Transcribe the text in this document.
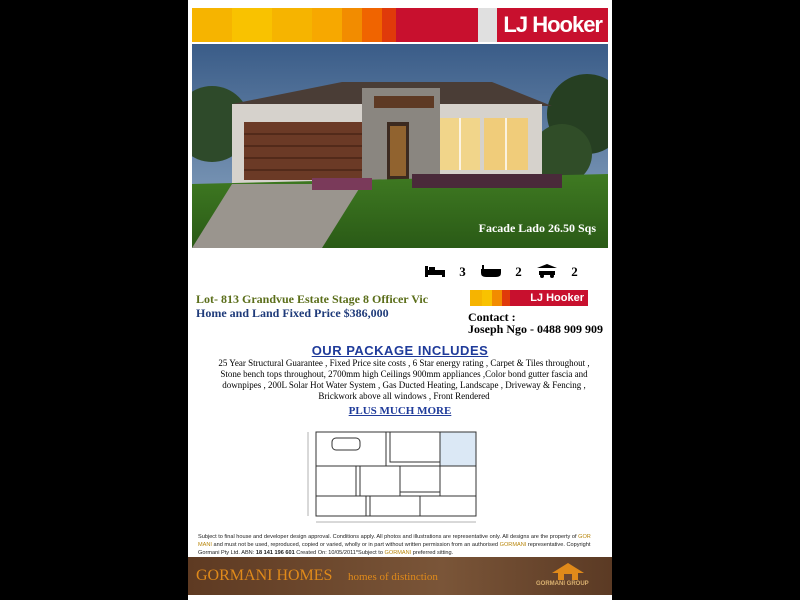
LJ Hooker
Facade Lado 26.50 Sqs
3	2	2
Lot- 813 Grandvue Estate Stage 8 Officer Vic
Home and Land Fixed Price $386,000
LJ Hooker
Contact :
Joseph Ngo - 0488 909 909
OUR PACKAGE INCLUDES
25 Year Structural Guarantee , Fixed Price site costs , 6 Star energy rating , Carpet & Tiles throughout , Stone bench tops throughout, 2700mm high Ceilings 900mm appliances ,Color bond gutter fascia and downpipes , 200L Solar Hot Water System , Gas Ducted Heating, Landscape , Driveway & Fencing , Brickwork above all windows , Front Rendered
PLUS MUCH MORE
Subject to final house and developer design approval. Conditions apply. All photos and illustrations are representative only. All designs are the property of GOR MANI and must not be used, reproduced, copied or varied, wholly or in part without written permission from an authorised GORMANI representative. Copyright Gormani Pty Ltd. ABN: 18 141 196 601 Created On: 10/05/2011*Subject to GORMANI preferred sitting.
GORMANI HOMES homes of distinction
GORMANI GROUP
